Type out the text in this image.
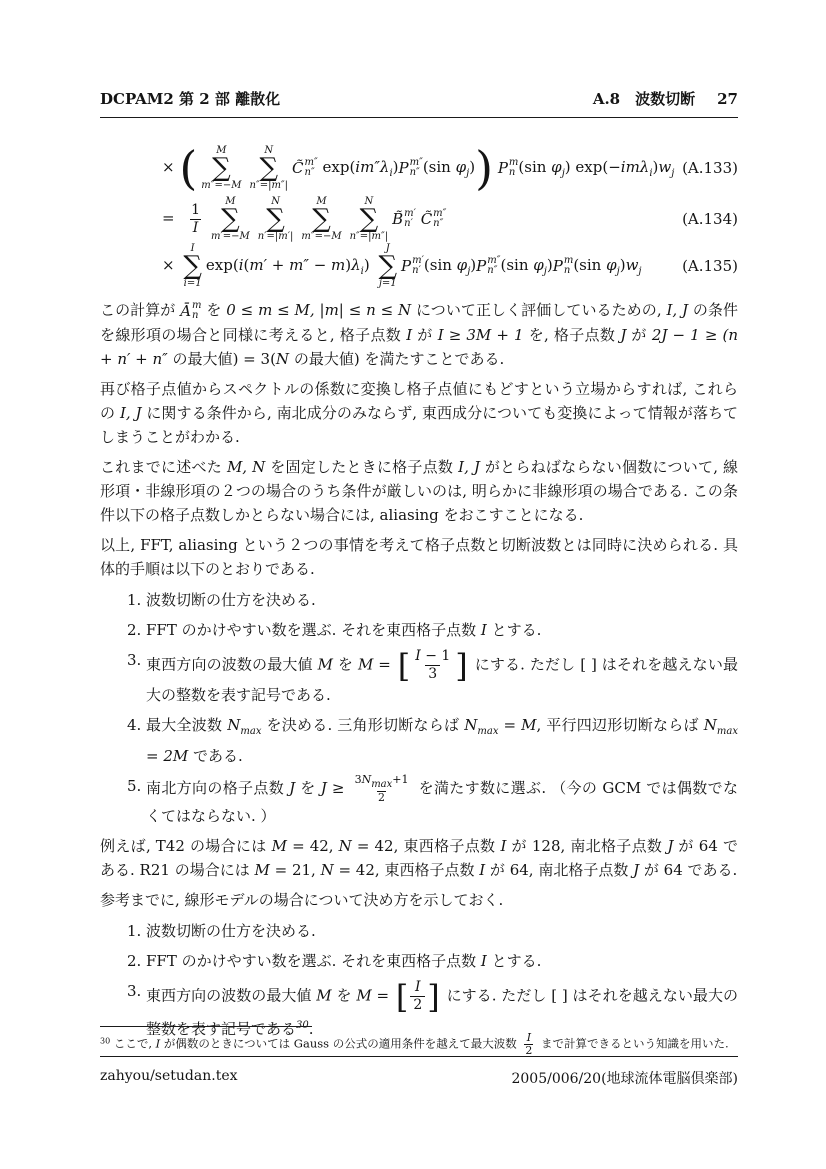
DCPAM2 第 2 部 離散化	A.8　波数切断 27
× ( M
∑
m″=−M
N
∑
n″=|m″|
C̃ m″
n″ $\exp(im''\lambda_i)$ P m″
n″ (sin $\varphi_j$)) P m
n (sin $\varphi_j$) $\exp(-im\lambda_i)w_j$ (A.133)
= $\frac{1}{I}$ M
∑
m′=−M
N
∑
n′=|m′|
M
∑
m″=−M
N
∑
n″=|m″|
B̃ m′
n′
C̃ m″
n″	(A.134)
×
I
∑
i=1
$\exp(i(m' + m'' - m)\lambda_i)$
J
∑
j=1
P m′
n′ (sin $\varphi_j$) P m″
n″ (sin $\varphi_j$) P m
n (sin $\varphi_j)w_j$	(A.135)
この計算が Ā m
n を 0 ≤ m ≤ M, |m| ≤ n ≤ N について正しく評価しているための, I, J の条件を線形項の場合と同様に考えると, 格子点数 I が I ≥ 3M + 1 を, 格子点数 J が 2J − 1 ≥ (n + n′ + n″ の最大値) = 3(N の最大値) を満たすことである.
再び格子点値からスペクトルの係数に変換し格子点値にもどすという立場からすれば, これらの I, J に関する条件から, 南北成分のみならず, 東西成分についても変換によって情報が落ちてしまうことがわかる.
これまでに述べた M, N を固定したときに格子点数 I, J がとらねばならない個数について, 線形項・非線形項の２つの場合のうち条件が厳しいのは, 明らかに非線形項の場合である. この条件以下の格子点数しかとらない場合には, aliasing をおこすことになる.
以上, FFT, aliasing という２つの事情を考えて格子点数と切断波数とは同時に決められる. 具体的手順は以下のとおりである.
1. 波数切断の仕方を決める.
2. FFT のかけやすい数を選ぶ. それを東西格子点数 I とする.
3. 東西方向の波数の最大値 M を M = [ $\frac{I - 1}{3}$ ] にする. ただし [ ] はそれを越えない最大の整数を表す記号である.
4. 最大全波数 $N_{max}$ を決める. 三角形切断ならば $N_{max} = M$, 平行四辺形切断ならば $N_{max} = 2M$ である.
5. 南北方向の格子点数 J を $J \ge \frac{3Nmax+1}{2}$ を満たす数に選ぶ. （今の GCM では偶数でなくてはならない. ）
例えば, T42 の場合には M = 42, N = 42, 東西格子点数 I が 128, 南北格子点数 J が 64 である. R21 の場合には M = 21, N = 42, 東西格子点数 I が 64, 南北格子点数 J が 64 である.
参考までに, 線形モデルの場合について決め方を示しておく.
1. 波数切断の仕方を決める.
2. FFT のかけやすい数を選ぶ. それを東西格子点数 I とする.
3. 東西方向の波数の最大値 M を M = [ $\frac{I}{2}$ ] にする. ただし [ ] はそれを越えない最大の整数を表す記号である$^{30}$.
$^{30}$ ここで, I が偶数のときについては Gauss の公式の適用条件を越えて最大波数 $\frac{I}{2}$ まで計算できるという知識を用いた.
zahyou/setudan.tex	2005/006/20(地球流体電脳倶楽部)
